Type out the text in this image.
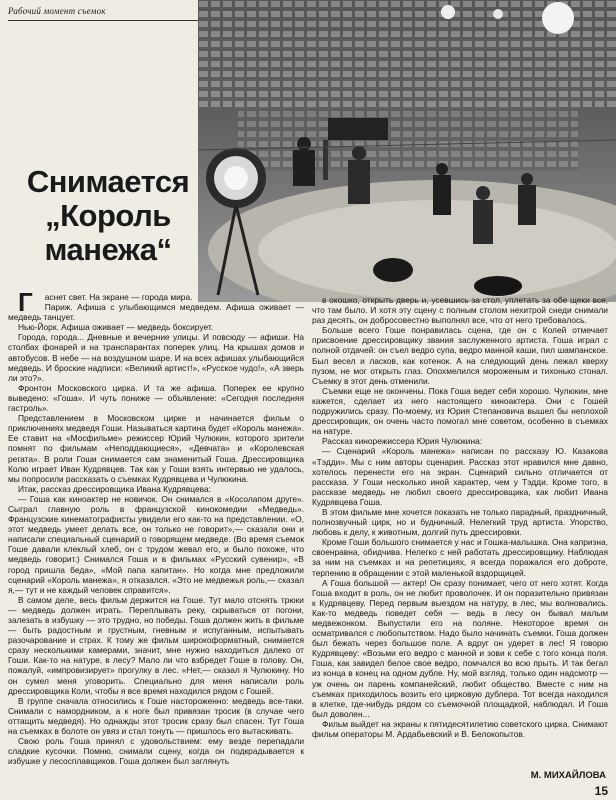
Рабочий момент съемок
Снимается
„Король
манежа“

Гаснет свет. На экране — города мира.

Париж. Афиша с улыбающимся медведем. Афиша оживает — медведь танцует.

Нью-Йорк. Афиша оживает — медведь боксирует.

Города, города... Дневные и вечерние улицы. И повсюду — афиши. На столбах фонарей и на транспарантах поперек улиц. На крышах домов и автобусов. В небе — на воздушном шаре. И на всех афишах улыбающийся медведь. И броские надписи: «Великий артист!», «Русское чудо!», «А зверь ли это?».

Фронтон Московского цирка. И та же афиша. Поперек ее крупно выведено: «Гоша». И чуть пониже — объявление: «Сегодня последняя гастроль».

Представлением в Московском цирке и начинается фильм о приключениях медведя Гоши. Называться картина будет «Король манежа». Ее ставит на «Мосфильме» режиссер Юрий Чулюкин, которого зрители помнят по фильмам «Неподдающиеся», «Девчата» и «Королевская регата». В роли Гоши снимается сам знаменитый Гоша. Дрессировщика Колю играет Иван Кудрявцев. Так как у Гоши взять интервью не удалось, мы попросили рассказать о съемках Кудрявцева и Чулюкина.

Итак, рассказ дрессировщика Ивана Кудрявцева:

— Гоша как кинoактер не новичок. Он снимался в «Косолапом друге». Сыграл главную роль в французской кинокомедии «Медведь». Французские кинематографисты увидели его как-то на представлении. «О, этот медведь умеет делать все, он только не говорит»,— сказали они и написали специальный сценарий о говорящем медведе. (Во время съемок Гоше давали клеклый хлеб, он с трудом жевал его, и было похоже, что медведь говорит.) Снимался Гоша и в фильмах «Русский сувенир», «В город пришла беда», «Мой папа капитан». Но когда мне предложили сценарий «Король манежа», я отказался. «Это не медвежья роль,— сказал я,— тут и не каждый человек справится».

В самом деле, весь фильм держится на Гоше. Тут мало отснять трюки — медведь должен играть. Переплывать реку, скрываться от погони, залезать в избушку — это трудно, но победы. Гоша должен жить в фильме — быть радостным и грустным, гневным и испуганным, испытывать разочарование и страх. К тому же фильм широкоформатный, снимается сразу несколькими камерами, значит, мне нужно находиться далеко от Гоши. Как-то на натуре, в лесу? Мало ли что взбредет Гоше в голову. Он, пожалуй, «импровизирует» прогулку в лес. «Нет,— сказал я Чулюкину. Но он сумел меня уговорить. Специально для меня написали роль дрессировщика Коли, чтобы я все время находился рядом с Гошей.

В группе сначала относились к Гоше настороженно: медведь все-таки. Снимали с намордником, а к ноге был привязан тросик (в случае чего оттащить медведя). Но однажды этот тросик сразу был спасен. Тут Гоша на съемках в болоте он увяз и стал тонуть — пришлось его вытаскивать.

Свою роль Гоша принял с удовольствием: ему везде перепадали сладкие кусочки. Помню, снимали сцену, когда он подкрадывается к избушке у лесосплавщиков. Гоша должен был заглянуть

в окошко, открыть дверь и, усевшись за стол, уплетать за обе щеки все, что там было. И хотя эту сцену с полным столом нехитрой снеди снимали раз десять, он добросовестно выполнял все, что от него требовалось.

Больше всего Гоше понравилась сцена, где он с Колей отмечает присвоение дрессировщику звания заслуженного артиста. Гоша играл с полной отдачей: он съел ведро супа, ведро манной каши, пил шампанское. Был весел и ласков, как котенок. А на следующий день лежал кверху пузом, не мог открыть глаз. Опохмелился мороженым и тихонько стонал. Съемку в этот день отменили.

Съемки еще не окончены. Пока Гоша ведет себя хорошо. Чулюкин, мне кажется, сделает из него настоящего кинoактера. Они с Гошей подружились сразу. По-моему, из Юрия Степановича вышел бы неплохой дрессировщик, он очень часто помогал мне советом, особенно в съемках на натуре.

Рассказ кинорежиссера Юрия Чулюкина:

— Сценарий «Король манежа» написан по рассказу Ю. Казакова «Тэдди». Мы с ним авторы сценария. Рассказ этот нравился мне давно, хотелось перенести его на экран. Сценарий сильно отличается от рассказа. У Гоши несколько иной характер, чем у Тэдди. Кроме того, в рассказе медведь не любил своего дрессировщика, как любит Ивана Кудрявцева Гоша.

В этом фильме мне хочется показать не только парадный, праздничный, полнозвучный цирк, но и будничный. Нелегкий труд артиста. Упорство, любовь к делу, к животным, долгий путь дрессировки.

Кроме Гоши большого снимается у нас и Гошка-малышка. Она капризна, своенравна, обидчива. Нелегко с ней работать дрессировщику. Наблюдая за ним на съемках и на репетициях, я всегда поражался его доброте, терпению в обращении с этой маленькой вздорщицей.

А Гоша большой — актер! Он сразу понимает, чего от него хотят. Когда Гоша входит в роль, он не любит проволочек. И он поразительно привязан к Кудрявцеву. Перед первым выездом на натуру, в лес, мы волновались. Как-то медведь поведет себя — ведь в лесу он бывал малым медвежонком. Выпустили его на поляне. Некоторое время он осматривался с любопытством. Надо было начинать съемки. Гоша должен был бежать через большое поле. А вдруг он удерет в лес! Я говорю Кудрявцеву: «Возьми его ведро с манной и зови к себе с того конца поля. Гоша, как завидел белое свое ведро, помчался во всю прыть. И так бегал из конца в конец на одном дубле. Ну, мой взгляд, только один надсмотр — уж очень он парень компанейский, любит общество. Вместе с ним на съемках приходилось возить его цирковую дублера. Тот всегда находился в клетке, где-нибудь рядом со съемочной площадкой, наблюдал. И Гоша был доволен...

Фильм выйдет на экраны к пятидесятилетию советского цирка. Снимают фильм операторы М. Ардабьевский и В. Белокопытов.

М. МИХАЙЛОВА
15
